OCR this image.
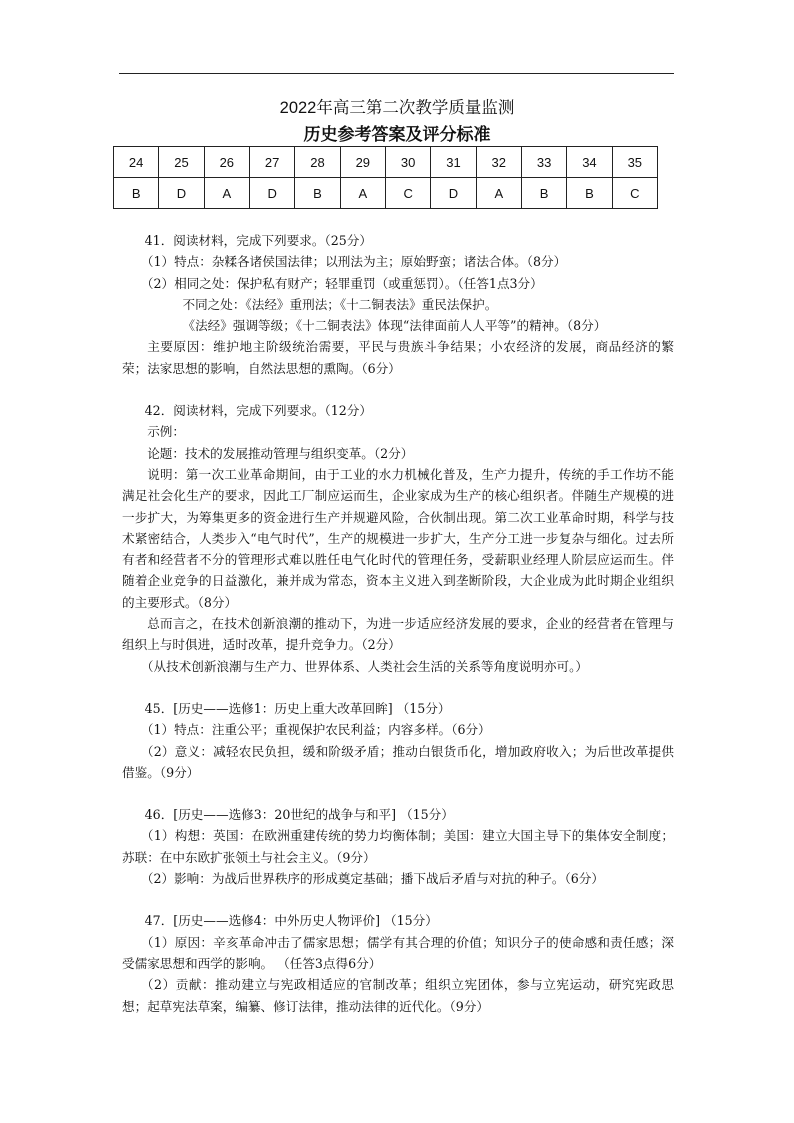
2022年高三第二次教学质量监测
历史参考答案及评分标准
24	25	26	27	28	29	30	31	32	33	34	35
B	D	A	D	B	A	C	D	A	B	B	C

41．阅读材料，完成下列要求。（25分）

（1）特点：杂糅各诸侯国法律；以刑法为主；原始野蛮；诸法合体。（8分）

（2）相同之处：保护私有财产；轻罪重罚（或重惩罚）。（任答1点3分）

不同之处：《法经》重刑法；《十二铜表法》重民法保护。

《法经》强调等级；《十二铜表法》体现“法律面前人人平等”的精神。（8分）

主要原因：维护地主阶级统治需要，平民与贵族斗争结果；小农经济的发展，商品经济的繁荣；法家思想的影响，自然法思想的熏陶。（6分）

42．阅读材料，完成下列要求。（12分）

示例：

论题：技术的发展推动管理与组织变革。（2分）

说明：第一次工业革命期间，由于工业的水力机械化普及，生产力提升，传统的手工作坊不能满足社会化生产的要求，因此工厂制应运而生，企业家成为生产的核心组织者。伴随生产规模的进一步扩大，为筹集更多的资金进行生产并规避风险，合伙制出现。第二次工业革命时期，科学与技术紧密结合，人类步入“电气时代”，生产的规模进一步扩大，生产分工进一步复杂与细化。过去所有者和经营者不分的管理形式难以胜任电气化时代的管理任务，受薪职业经理人阶层应运而生。伴随着企业竞争的日益激化，兼并成为常态，资本主义进入到垄断阶段，大企业成为此时期企业组织的主要形式。（8分）

总而言之，在技术创新浪潮的推动下，为进一步适应经济发展的要求，企业的经营者在管理与组织上与时俱进，适时改革，提升竞争力。（2分）

（从技术创新浪潮与生产力、世界体系、人类社会生活的关系等角度说明亦可。）

45．[历史——选修1：历史上重大改革回眸] （15分）

（1）特点：注重公平；重视保护农民利益；内容多样。（6分）

（2）意义：减轻农民负担，缓和阶级矛盾；推动白银货币化，增加政府收入；为后世改革提供借鉴。（9分）

46．[历史——选修3：20世纪的战争与和平] （15分）

（1）构想：英国：在欧洲重建传统的势力均衡体制；美国：建立大国主导下的集体安全制度；苏联：在中东欧扩张领土与社会主义。（9分）

（2）影响：为战后世界秩序的形成奠定基础；播下战后矛盾与对抗的种子。（6分）

47．[历史——选修4：中外历史人物评价] （15分）

（1）原因：辛亥革命冲击了儒家思想；儒学有其合理的价值；知识分子的使命感和责任感；深受儒家思想和西学的影响。 （任答3点得6分）

（2）贡献：推动建立与宪政相适应的官制改革；组织立宪团体，参与立宪运动，研究宪政思想；起草宪法草案，编纂、修订法律，推动法律的近代化。（9分）
